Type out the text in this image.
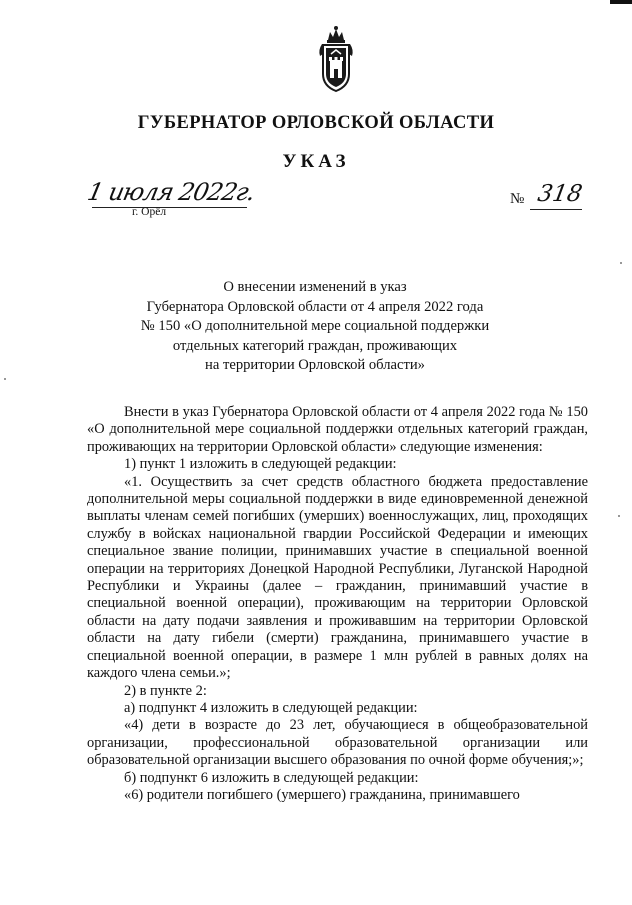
ГУБЕРНАТОР ОРЛОВСКОЙ ОБЛАСТИ
УКАЗ
1 июля 2022г.
г. Орёл
№ 318
О внесении изменений в указ
Губернатора Орловской области от 4 апреля 2022 года
№ 150 «О дополнительной мере социальной поддержки
отдельных категорий граждан, проживающих
на территории Орловской области»

Внести в указ Губернатора Орловской области от 4 апреля 2022 года № 150 «О дополнительной мере социальной поддержки отдельных категорий граждан, проживающих на территории Орловской области» следующие изменения:

1) пункт 1 изложить в следующей редакции:

«1. Осуществить за счет средств областного бюджета предоставление дополнительной меры социальной поддержки в виде единовременной денежной выплаты членам семей погибших (умерших) военнослужащих, лиц, проходящих службу в войсках национальной гвардии Российской Федерации и имеющих специальное звание полиции, принимавших участие в специальной военной операции на территориях Донецкой Народной Республики, Луганской Народной Республики и Украины (далее – гражданин, принимавший участие в специальной военной операции), проживающим на территории Орловской области на дату подачи заявления и проживавшим на территории Орловской области на дату гибели (смерти) гражданина, принимавшего участие в специальной военной операции, в размере 1 млн рублей в равных долях на каждого члена семьи.»;

2) в пункте 2:

а) подпункт 4 изложить в следующей редакции:

«4) дети в возрасте до 23 лет, обучающиеся в общеобразовательной организации, профессиональной образовательной организации или образовательной организации высшего образования по очной форме обучения;»;

б) подпункт 6 изложить в следующей редакции:

«6) родители погибшего (умершего) гражданина, принимавшего
